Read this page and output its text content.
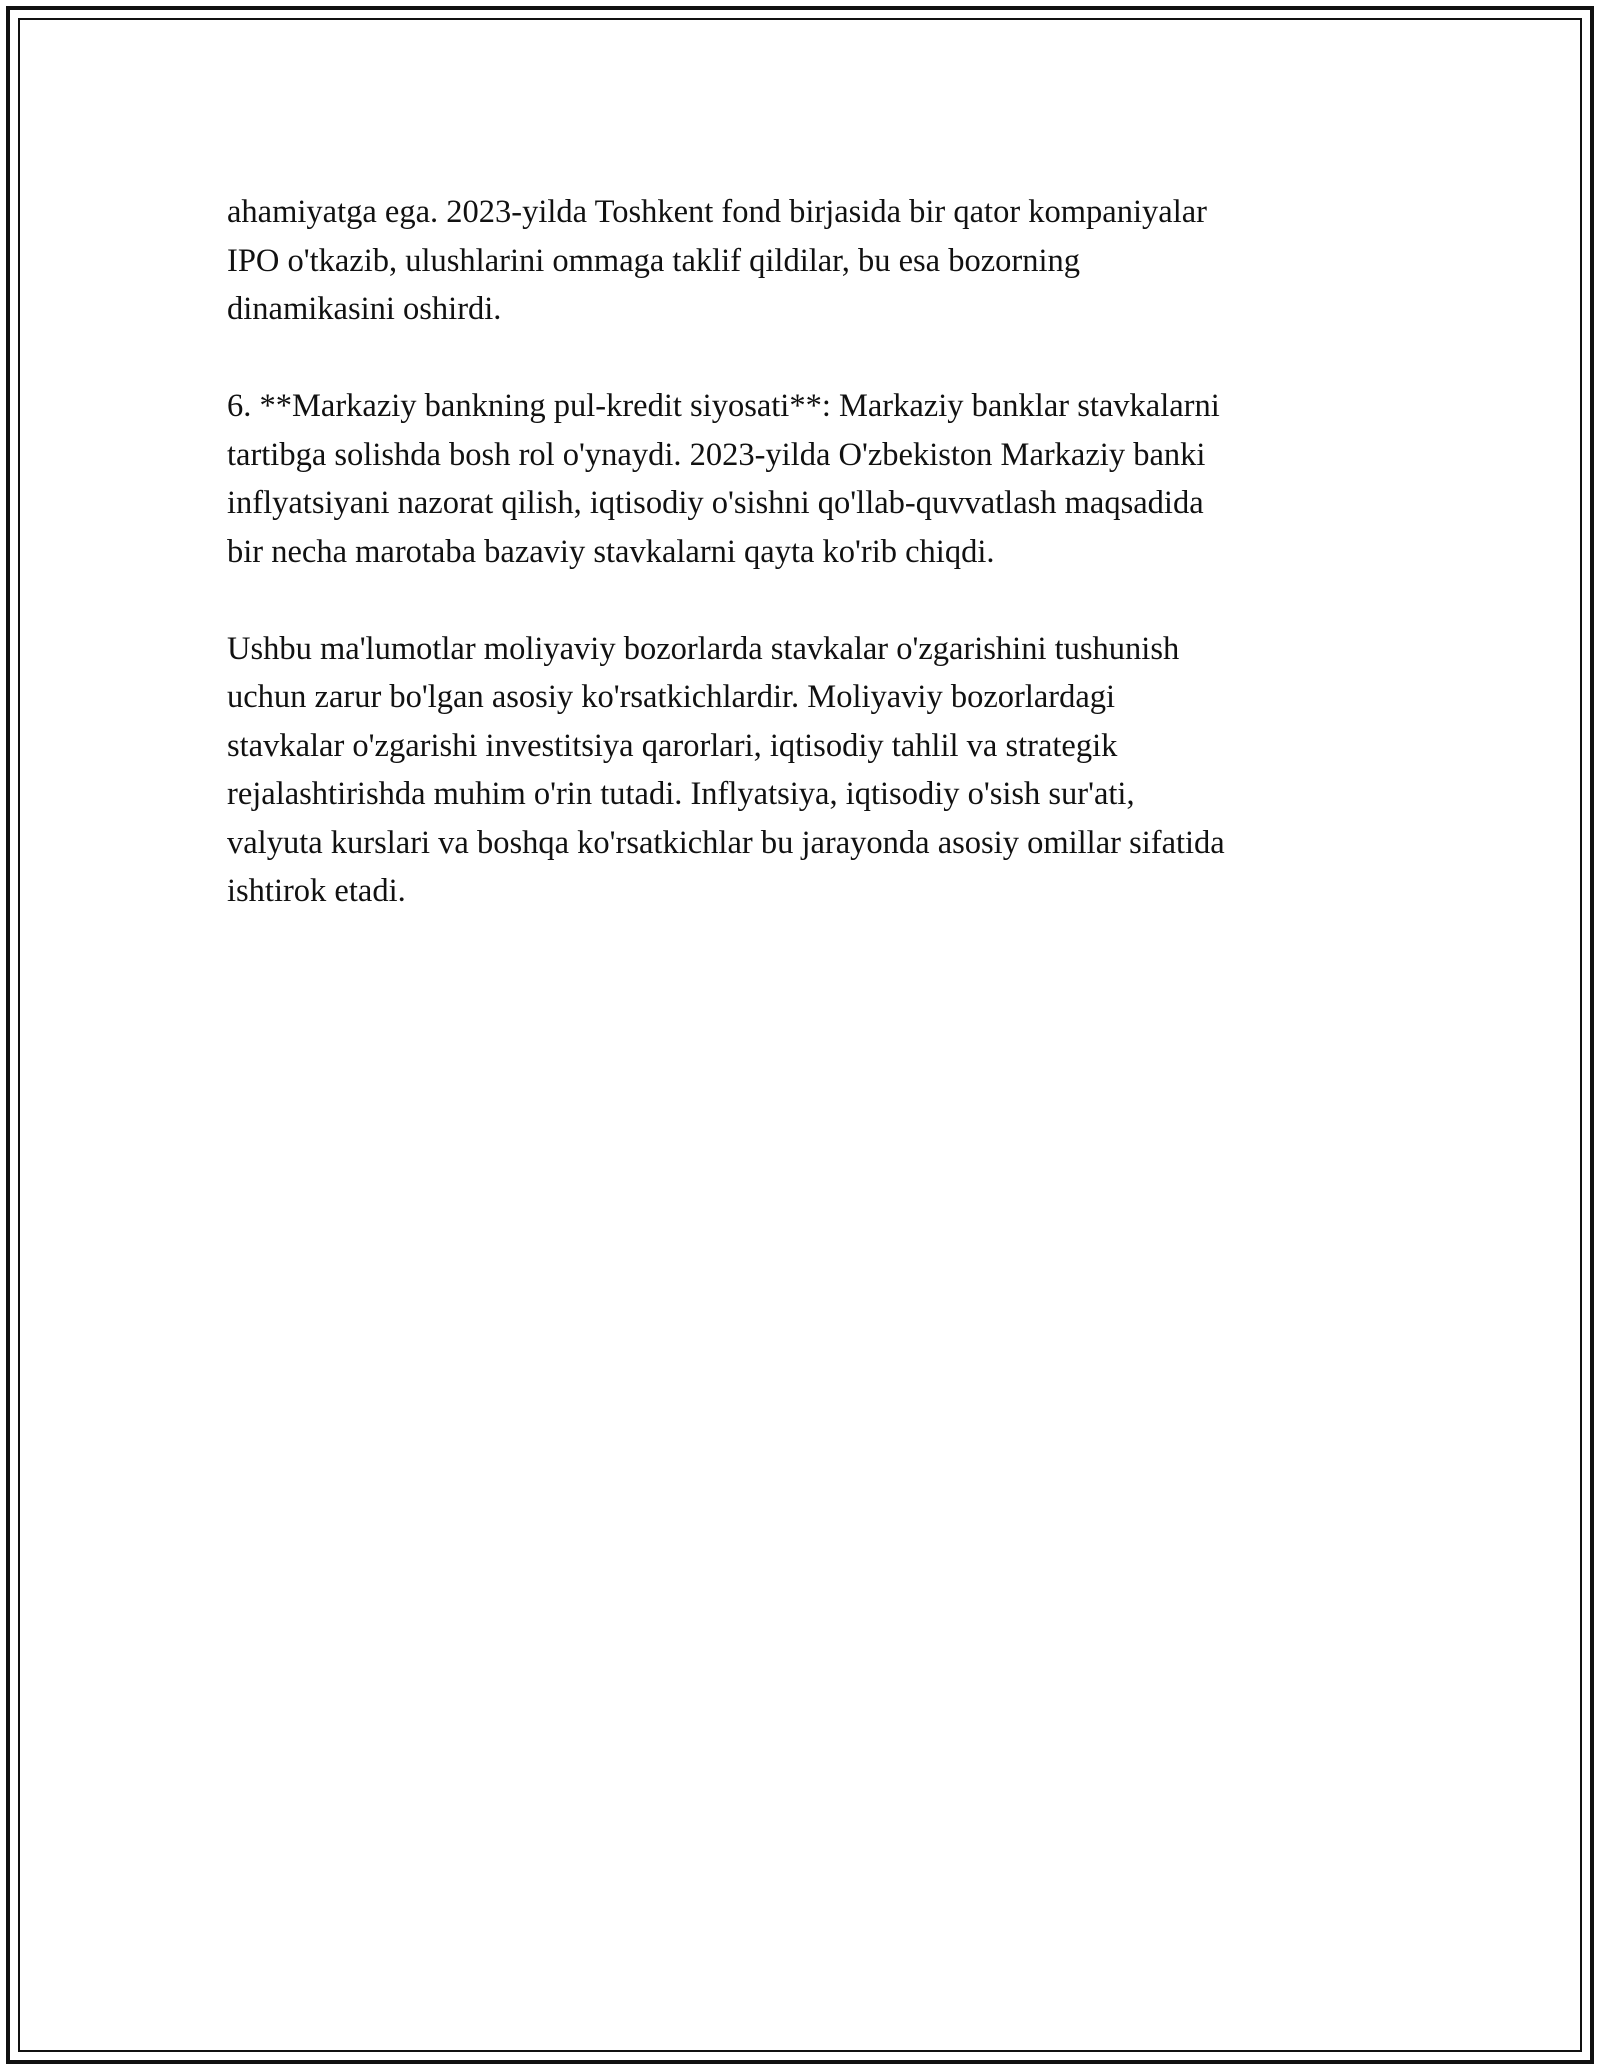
ahamiyatga ega. 2023-yilda Toshkent fond birjasida bir qator kompaniyalar
IPO o'tkazib, ulushlarini ommaga taklif qildilar, bu esa bozorning
dinamikasini oshirdi.

6. **Markaziy bankning pul-kredit siyosati**: Markaziy banklar stavkalarni
tartibga solishda bosh rol o'ynaydi. 2023-yilda O'zbekiston Markaziy banki
inflyatsiyani nazorat qilish, iqtisodiy o'sishni qo'llab-quvvatlash maqsadida
bir necha marotaba bazaviy stavkalarni qayta ko'rib chiqdi.

Ushbu ma'lumotlar moliyaviy bozorlarda stavkalar o'zgarishini tushunish
uchun zarur bo'lgan asosiy ko'rsatkichlardir. Moliyaviy bozorlardagi
stavkalar o'zgarishi investitsiya qarorlari, iqtisodiy tahlil va strategik
rejalashtirishda muhim o'rin tutadi. Inflyatsiya, iqtisodiy o'sish sur'ati,
valyuta kurslari va boshqa ko'rsatkichlar bu jarayonda asosiy omillar sifatida
ishtirok etadi.
